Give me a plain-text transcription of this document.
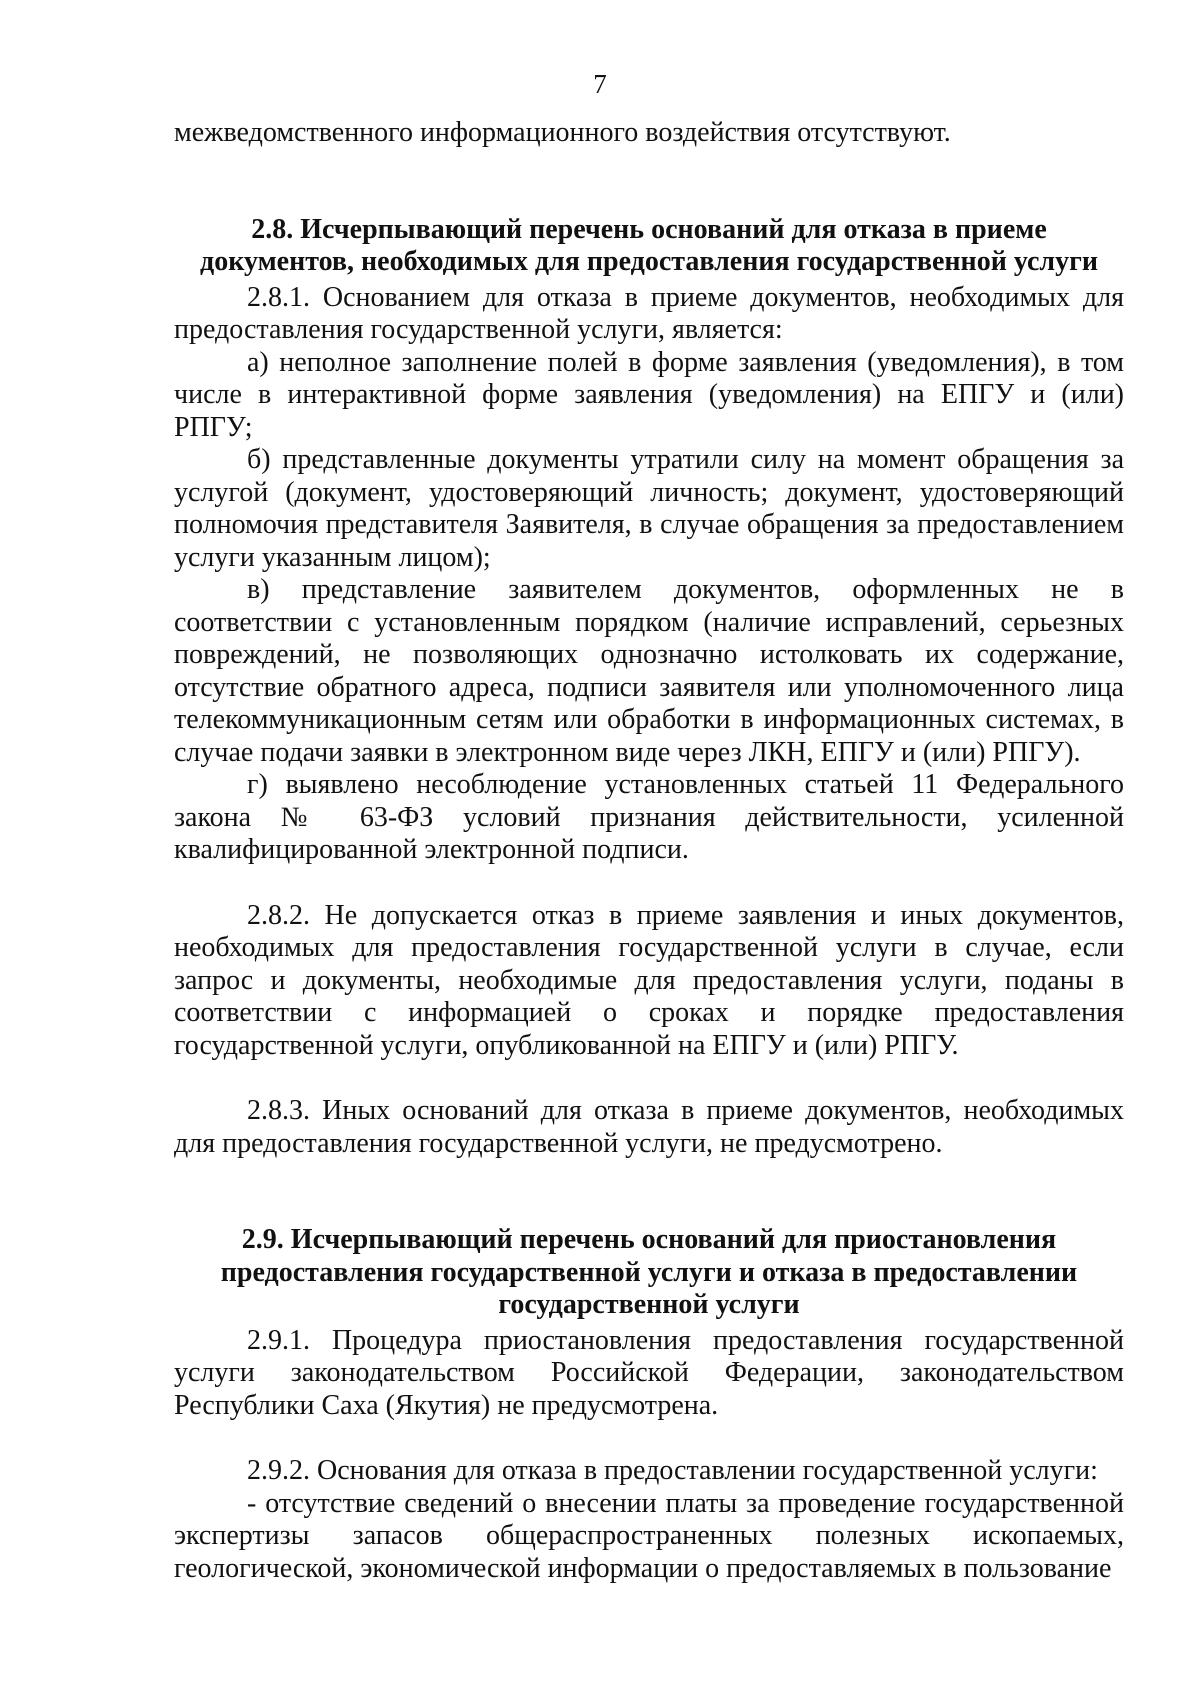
7

межведомственного информационного воздействия отсутствуют.

2.8. Исчерпывающий перечень оснований для отказа в приеме документов, необходимых для предоставления государственной услуги

2.8.1. Основанием для отказа в приеме документов, необходимых для предоставления государственной услуги, является:

а) неполное заполнение полей в форме заявления (уведомления), в том числе в интерактивной форме заявления (уведомления) на ЕПГУ и (или) РПГУ;

б) представленные документы утратили силу на момент обращения за услугой (документ, удостоверяющий личность; документ, удостоверяющий полномочия представителя Заявителя, в случае обращения за предоставлением услуги указанным лицом);

в) представление заявителем документов, оформленных не в соответствии с установленным порядком (наличие исправлений, серьезных повреждений, не позволяющих однозначно истолковать их содержание, отсутствие обратного адреса, подписи заявителя или уполномоченного лица телекоммуникационным сетям или обработки в информационных системах, в случае подачи заявки в электронном виде через ЛКН, ЕПГУ и (или) РПГУ).

г) выявлено несоблюдение установленных статьей 11 Федерального закона № 63-ФЗ условий признания действительности, усиленной квалифицированной электронной подписи.

2.8.2. Не допускается отказ в приеме заявления и иных документов, необходимых для предоставления государственной услуги в случае, если запрос и документы, необходимые для предоставления услуги, поданы в соответствии с информацией о сроках и порядке предоставления государственной услуги, опубликованной на ЕПГУ и (или) РПГУ.

2.8.3. Иных оснований для отказа в приеме документов, необходимых для предоставления государственной услуги, не предусмотрено.

2.9. Исчерпывающий перечень оснований для приостановления предоставления государственной услуги и отказа в предоставлении государственной услуги

2.9.1. Процедура приостановления предоставления государственной услуги законодательством Российской Федерации, законодательством Республики Саха (Якутия) не предусмотрена.

2.9.2. Основания для отказа в предоставлении государственной услуги:

- отсутствие сведений о внесении платы за проведение государственной экспертизы запасов общераспространенных полезных ископаемых, геологической, экономической информации о предоставляемых в пользование
